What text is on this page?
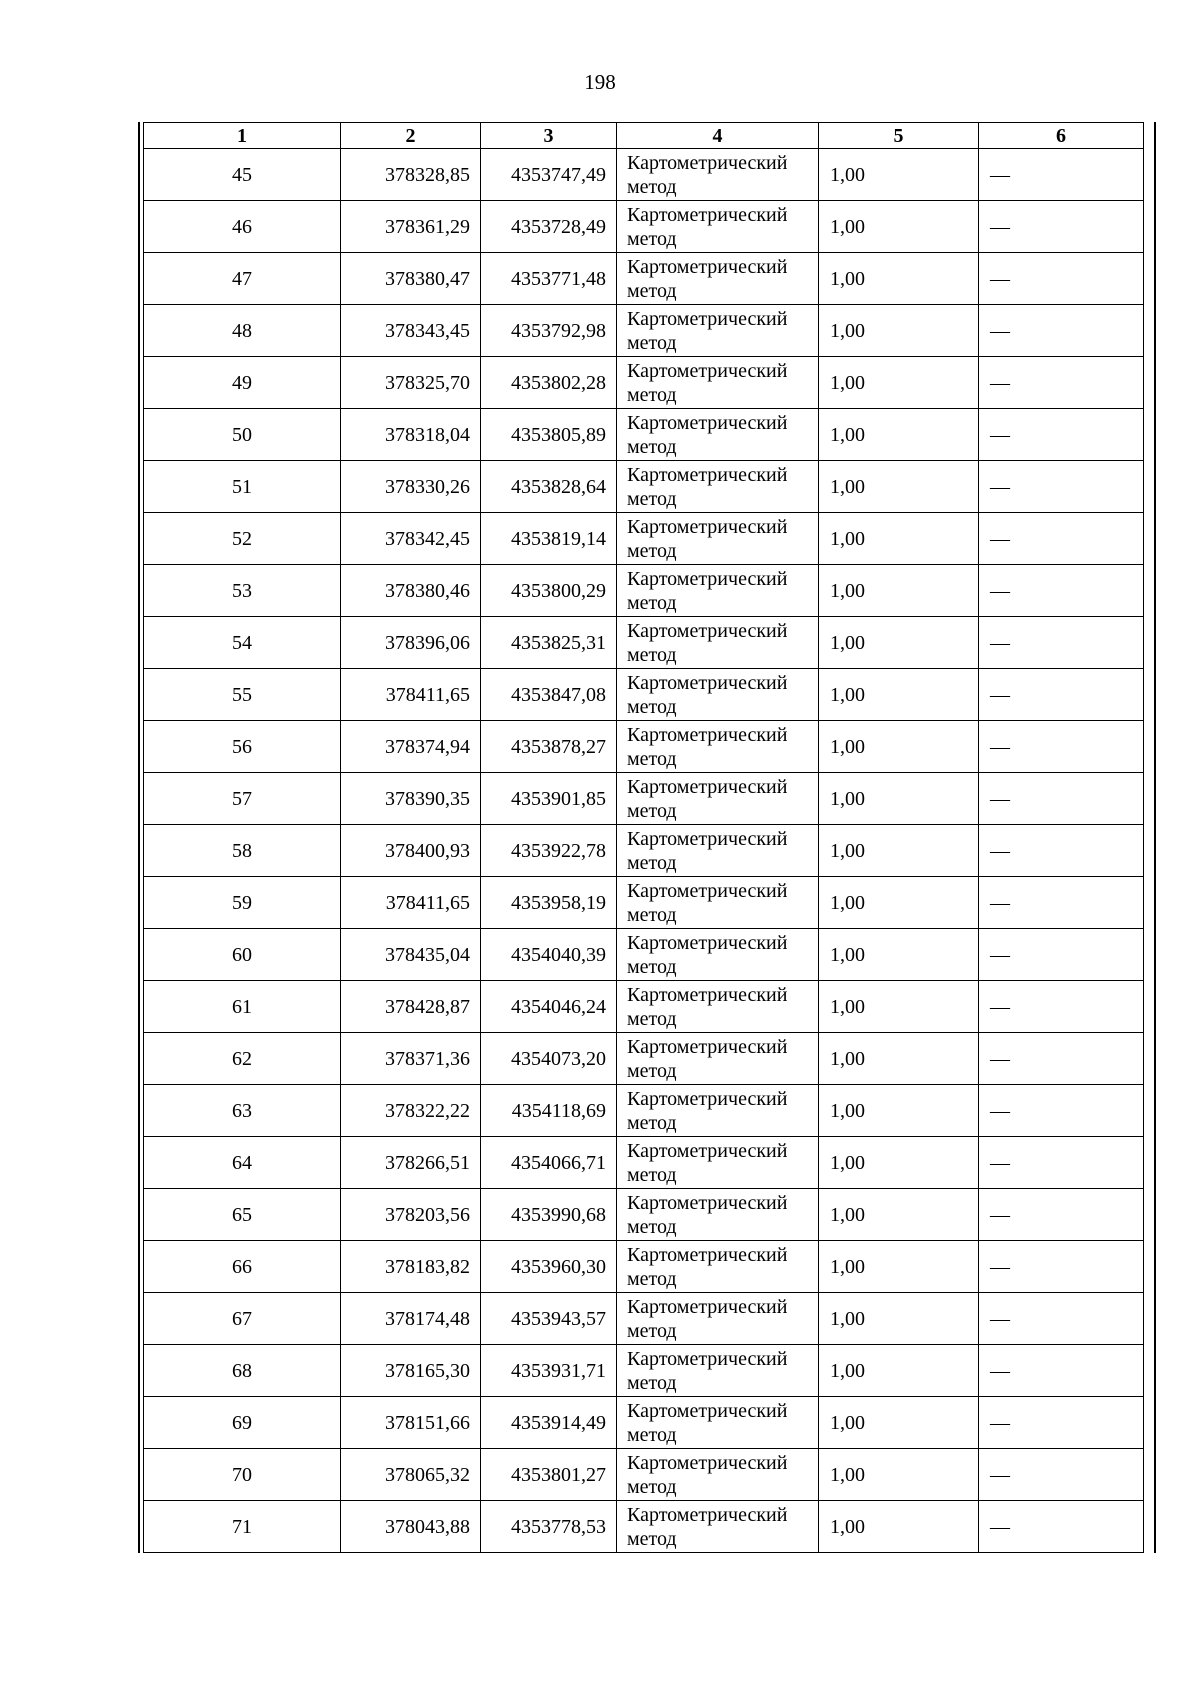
198
1	2	3	4	5	6
45	378328,85	4353747,49	Картометрический метод	1,00	—
46	378361,29	4353728,49	Картометрический метод	1,00	—
47	378380,47	4353771,48	Картометрический метод	1,00	—
48	378343,45	4353792,98	Картометрический метод	1,00	—
49	378325,70	4353802,28	Картометрический метод	1,00	—
50	378318,04	4353805,89	Картометрический метод	1,00	—
51	378330,26	4353828,64	Картометрический метод	1,00	—
52	378342,45	4353819,14	Картометрический метод	1,00	—
53	378380,46	4353800,29	Картометрический метод	1,00	—
54	378396,06	4353825,31	Картометрический метод	1,00	—
55	378411,65	4353847,08	Картометрический метод	1,00	—
56	378374,94	4353878,27	Картометрический метод	1,00	—
57	378390,35	4353901,85	Картометрический метод	1,00	—
58	378400,93	4353922,78	Картометрический метод	1,00	—
59	378411,65	4353958,19	Картометрический метод	1,00	—
60	378435,04	4354040,39	Картометрический метод	1,00	—
61	378428,87	4354046,24	Картометрический метод	1,00	—
62	378371,36	4354073,20	Картометрический метод	1,00	—
63	378322,22	4354118,69	Картометрический метод	1,00	—
64	378266,51	4354066,71	Картометрический метод	1,00	—
65	378203,56	4353990,68	Картометрический метод	1,00	—
66	378183,82	4353960,30	Картометрический метод	1,00	—
67	378174,48	4353943,57	Картометрический метод	1,00	—
68	378165,30	4353931,71	Картометрический метод	1,00	—
69	378151,66	4353914,49	Картометрический метод	1,00	—
70	378065,32	4353801,27	Картометрический метод	1,00	—
71	378043,88	4353778,53	Картометрический метод	1,00	—
